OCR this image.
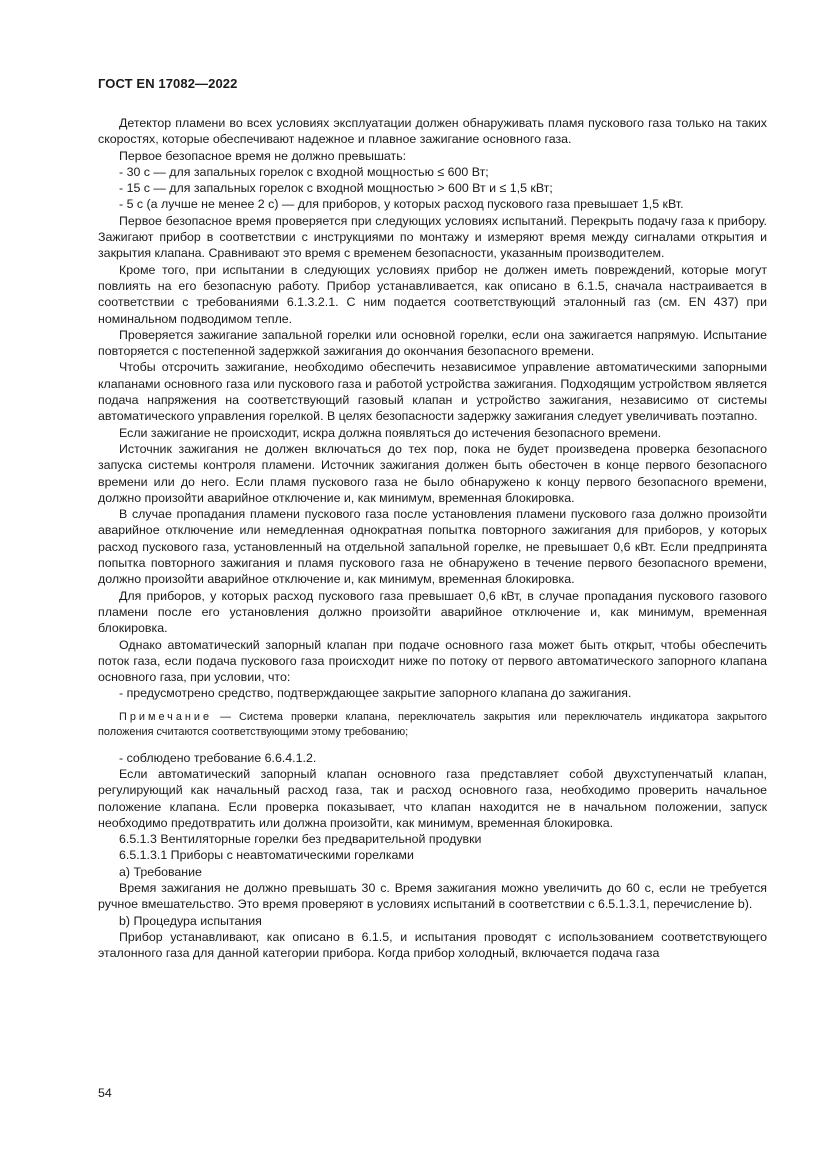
ГОСТ EN 17082—2022

Детектор пламени во всех условиях эксплуатации должен обнаруживать пламя пускового газа только на таких скоростях, которые обеспечивают надежное и плавное зажигание основного газа.

Первое безопасное время не должно превышать:

- 30 с — для запальных горелок с входной мощностью ≤ 600 Вт;

- 15 с — для запальных горелок с входной мощностью > 600 Вт и ≤ 1,5 кВт;

- 5 с (а лучше не менее 2 с) — для приборов, у которых расход пускового газа превышает 1,5 кВт.

Первое безопасное время проверяется при следующих условиях испытаний. Перекрыть подачу газа к прибору. Зажигают прибор в соответствии с инструкциями по монтажу и измеряют время между сигналами открытия и закрытия клапана. Сравнивают это время с временем безопасности, указанным производителем.

Кроме того, при испытании в следующих условиях прибор не должен иметь повреждений, которые могут повлиять на его безопасную работу. Прибор устанавливается, как описано в 6.1.5, сначала настраивается в соответствии с требованиями 6.1.3.2.1. С ним подается соответствующий эталонный газ (см. EN 437) при номинальном подводимом тепле.

Проверяется зажигание запальной горелки или основной горелки, если она зажигается напрямую. Испытание повторяется с постепенной задержкой зажигания до окончания безопасного времени.

Чтобы отсрочить зажигание, необходимо обеспечить независимое управление автоматическими запорными клапанами основного газа или пускового газа и работой устройства зажигания. Подходящим устройством является подача напряжения на соответствующий газовый клапан и устройство зажигания, независимо от системы автоматического управления горелкой. В целях безопасности задержку зажигания следует увеличивать поэтапно.

Если зажигание не происходит, искра должна появляться до истечения безопасного времени.

Источник зажигания не должен включаться до тех пор, пока не будет произведена проверка безопасного запуска системы контроля пламени. Источник зажигания должен быть обесточен в конце первого безопасного времени или до него. Если пламя пускового газа не было обнаружено к концу первого безопасного времени, должно произойти аварийное отключение и, как минимум, временная блокировка.

В случае пропадания пламени пускового газа после установления пламени пускового газа должно произойти аварийное отключение или немедленная однократная попытка повторного зажигания для приборов, у которых расход пускового газа, установленный на отдельной запальной горелке, не превышает 0,6 кВт. Если предпринята попытка повторного зажигания и пламя пускового газа не обнаружено в течение первого безопасного времени, должно произойти аварийное отключение и, как минимум, временная блокировка.

Для приборов, у которых расход пускового газа превышает 0,6 кВт, в случае пропадания пускового газового пламени после его установления должно произойти аварийное отключение и, как минимум, временная блокировка.

Однако автоматический запорный клапан при подаче основного газа может быть открыт, чтобы обеспечить поток газа, если подача пускового газа происходит ниже по потоку от первого автоматического запорного клапана основного газа, при условии, что:

- предусмотрено средство, подтверждающее закрытие запорного клапана до зажигания.

Примечание — Система проверки клапана, переключатель закрытия или переключатель индикатора закрытого положения считаются соответствующими этому требованию;

- соблюдено требование 6.6.4.1.2.

Если автоматический запорный клапан основного газа представляет собой двухступенчатый клапан, регулирующий как начальный расход газа, так и расход основного газа, необходимо проверить начальное положение клапана. Если проверка показывает, что клапан находится не в начальном положении, запуск необходимо предотвратить или должна произойти, как минимум, временная блокировка.

6.5.1.3 Вентиляторные горелки без предварительной продувки

6.5.1.3.1 Приборы с неавтоматическими горелками

a) Требование

Время зажигания не должно превышать 30 с. Время зажигания можно увеличить до 60 с, если не требуется ручное вмешательство. Это время проверяют в условиях испытаний в соответствии с 6.5.1.3.1, перечисление b).

b) Процедура испытания

Прибор устанавливают, как описано в 6.1.5, и испытания проводят с использованием соответствующего эталонного газа для данной категории прибора. Когда прибор холодный, включается подача газа

54
